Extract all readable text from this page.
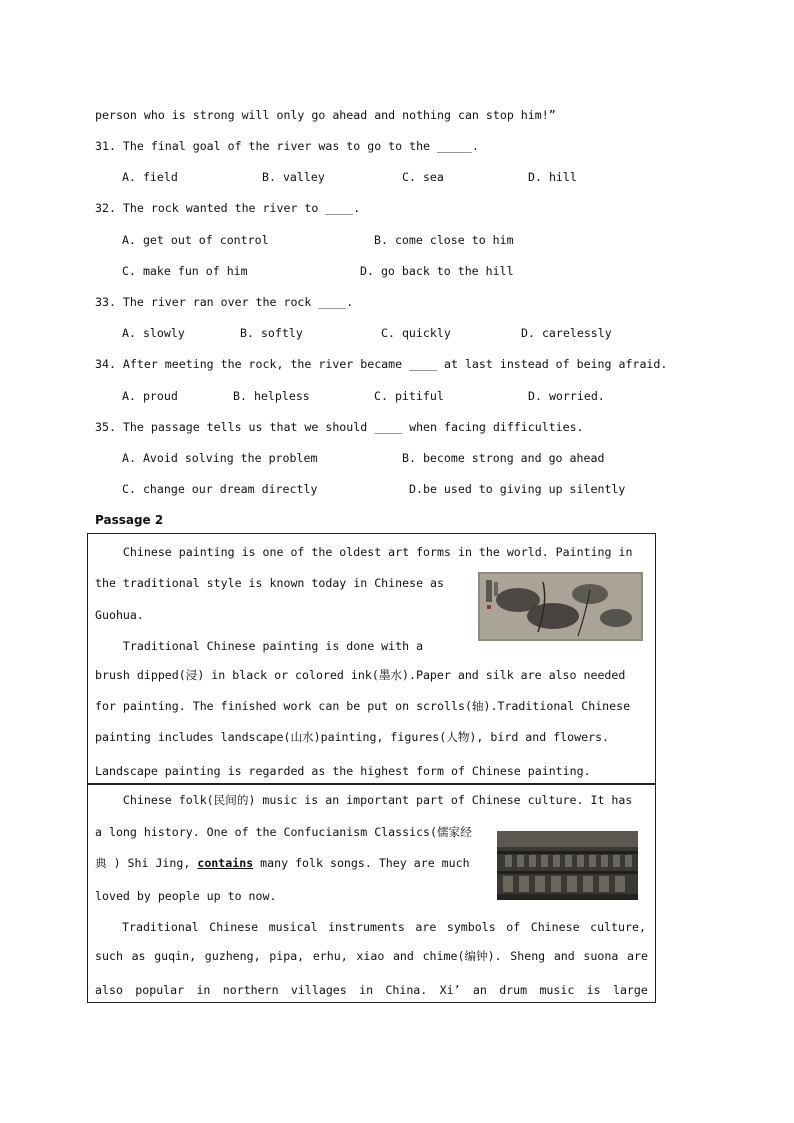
person who is strong will only go ahead and nothing can stop him!”
31. The final goal of the river was to go to the _____.
A. field	B. valley	C. sea	D. hill
32. The rock wanted the river to ____.
A. get out of control	B. come close to him
C. make fun of him	D. go back to the hill
33. The river ran over the rock ____.
A. slowly	B. softly	C. quickly	D. carelessly
34. After meeting the rock, the river became ____ at last instead of being afraid.
A. proud	B. helpless	C. pitiful	D. worried.
35. The passage tells us that we should ____ when facing difficulties.
A. Avoid solving the problem	B. become strong and go ahead
C. change our dream directly	D.be used to giving up silently
Passage 2
Chinese painting is one of the oldest art forms in the world. Painting in
the traditional style is known today in Chinese as
Guohua.
Traditional Chinese painting is done with a
brush dipped(浸) in black or colored ink(墨水).Paper and silk are also needed
for painting. The finished work can be put on scrolls(轴).Traditional Chinese
painting includes landscape(山水)painting, figures(人物), bird and flowers.
Landscape painting is regarded as the highest form of Chinese painting.
Chinese folk(民间的) music is an important part of Chinese culture. It has
a long history. One of the Confucianism Classics(儒家经
典 ) Shi Jing, contains many folk songs. They are much
loved by people up to now.
Traditional Chinese musical instruments are symbols of Chinese culture,
such as guqin, guzheng, pipa, erhu, xiao and chime(编钟). Sheng and suona are
also popular in northern villages in China. Xi’ an drum music is large
